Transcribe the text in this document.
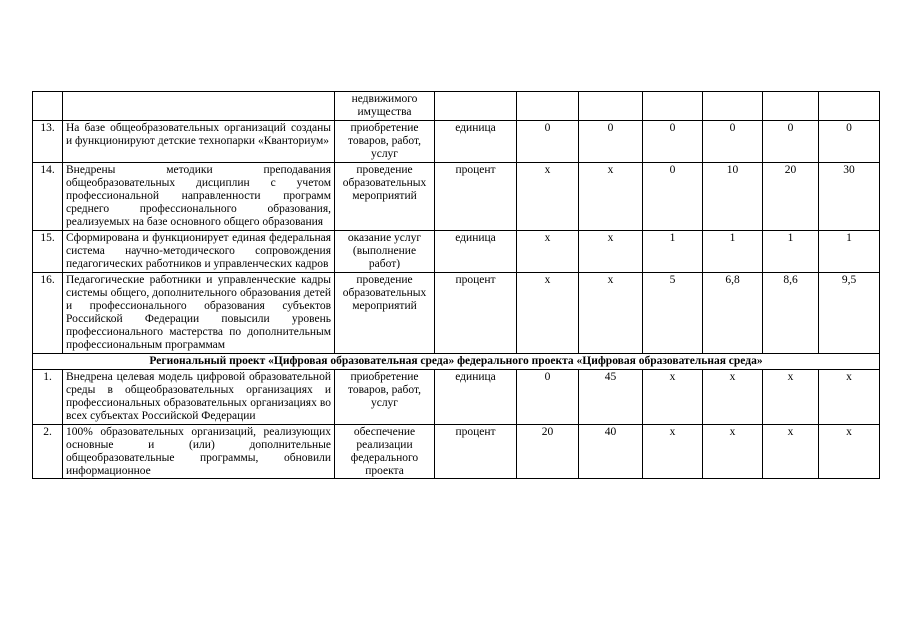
		недвижимого имущества							

13.	На базе общеобразовательных организаций созданы и функционируют детские технопарки «Кванториум»	приобретение товаров, работ, услуг	единица	0	0	0	0	0	0

14.	Внедрены методики преподавания общеобразовательных дисциплин с учетом профессиональной направленности программ среднего профессионального образования, реализуемых на базе основного общего образования	проведение образовательных мероприятий	процент	x	x	0	10	20	30

15.	Сформирована и функционирует единая федеральная система научно-методического сопровождения педагогических работников и управленческих кадров	оказание услуг (выполнение работ)	единица	x	x	1	1	1	1

16.	Педагогические работники и управленческие кадры системы общего, дополнительного образования детей и профессионального образования субъектов Российской Федерации повысили уровень профессионального мастерства по дополнительным профессиональным программам	проведение образовательных мероприятий	процент	x	x	5	6,8	8,6	9,5

Региональный проект «Цифровая образовательная среда» федерального проекта «Цифровая образовательная среда»									

1.	Внедрена целевая модель цифровой образовательной среды в общеобразовательных организациях и профессиональных образовательных организациях во всех субъектах Российской Федерации	приобретение товаров, работ, услуг	единица	0	45	x	x	x	x

2.	100% образовательных организаций, реализующих основные и (или) дополнительные общеобразовательные программы, обновили информационное	обеспечение реализации федерального проекта	процент	20	40	x	x	x	x
